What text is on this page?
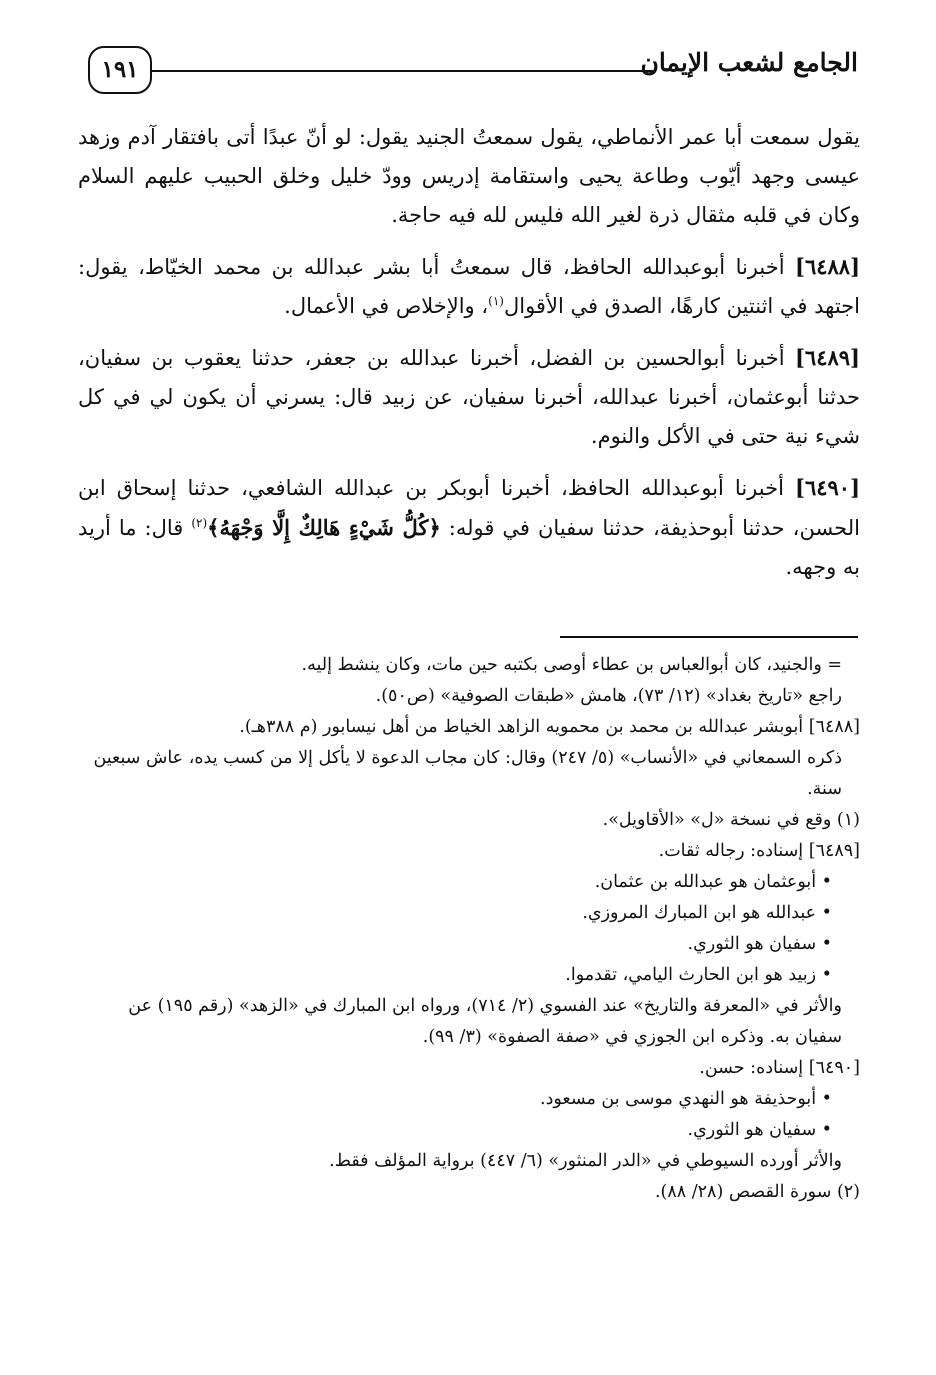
١٩١	الجامع لشعب الإيمان

يقول سمعت أبا عمر الأنماطي، يقول سمعتُ الجنيد يقول: لو أنّ عبدًا أتى بافتقار آدم وزهد عيسى وجهد أيّوب وطاعة يحيى واستقامة إدريس وودّ خليل وخلق الحبيب عليهم السلام وكان في قلبه مثقال ذرة لغير الله فليس لله فيه حاجة.

[٦٤٨٨] أخبرنا أبوعبدالله الحافظ، قال سمعتُ أبا بشر عبدالله بن محمد الخيّاط، يقول: اجتهد في اثنتين كارهًا، الصدق في الأقوال$^{(١)}$، والإخلاص في الأعمال.

[٦٤٨٩] أخبرنا أبوالحسين بن الفضل، أخبرنا عبدالله بن جعفر، حدثنا يعقوب بن سفيان، حدثنا أبوعثمان، أخبرنا عبدالله، أخبرنا سفيان، عن زبيد قال: يسرني أن يكون لي في كل شيء نية حتى في الأكل والنوم.

[٦٤٩٠] أخبرنا أبوعبدالله الحافظ، أخبرنا أبوبكر بن عبدالله الشافعي، حدثنا إسحاق ابن الحسن، حدثنا أبوحذيفة، حدثنا سفيان في قوله: ﴿كُلُّ شَيْءٍ هَالِكٌ إِلَّا وَجْهَهُ﴾$^{(٢)}$ قال: ما أريد به وجهه.

= والجنيد، كان أبوالعباس بن عطاء أوصى بكتبه حين مات، وكان ينشط إليه.

راجع «تاريخ بغداد» (١٢/ ٧٣)، هامش «طبقات الصوفية» (ص٥٠).

[٦٤٨٨] أبوبشر عبدالله بن محمد بن محمويه الزاهد الخياط من أهل نيسابور (م ٣٨٨هـ).

ذكره السمعاني في «الأنساب» (٥/ ٢٤٧) وقال: كان مجاب الدعوة لا يأكل إلا من كسب يده، عاش سبعين سنة.

(١) وقع في نسخة «ل» «الأقاويل».

[٦٤٨٩] إسناده: رجاله ثقات.

• أبوعثمان هو عبدالله بن عثمان.

• عبدالله هو ابن المبارك المروزي.

• سفيان هو الثوري.

• زبيد هو ابن الحارث اليامي، تقدموا.

والأثر في «المعرفة والتاريخ» عند الفسوي (٢/ ٧١٤)، ورواه ابن المبارك في «الزهد» (رقم ١٩٥) عن سفيان به. وذكره ابن الجوزي في «صفة الصفوة» (٣/ ٩٩).

[٦٤٩٠] إسناده: حسن.

• أبوحذيفة هو النهدي موسى بن مسعود.

• سفيان هو الثوري.

والأثر أورده السيوطي في «الدر المنثور» (٦/ ٤٤٧) برواية المؤلف فقط.

(٢) سورة القصص (٢٨/ ٨٨).
